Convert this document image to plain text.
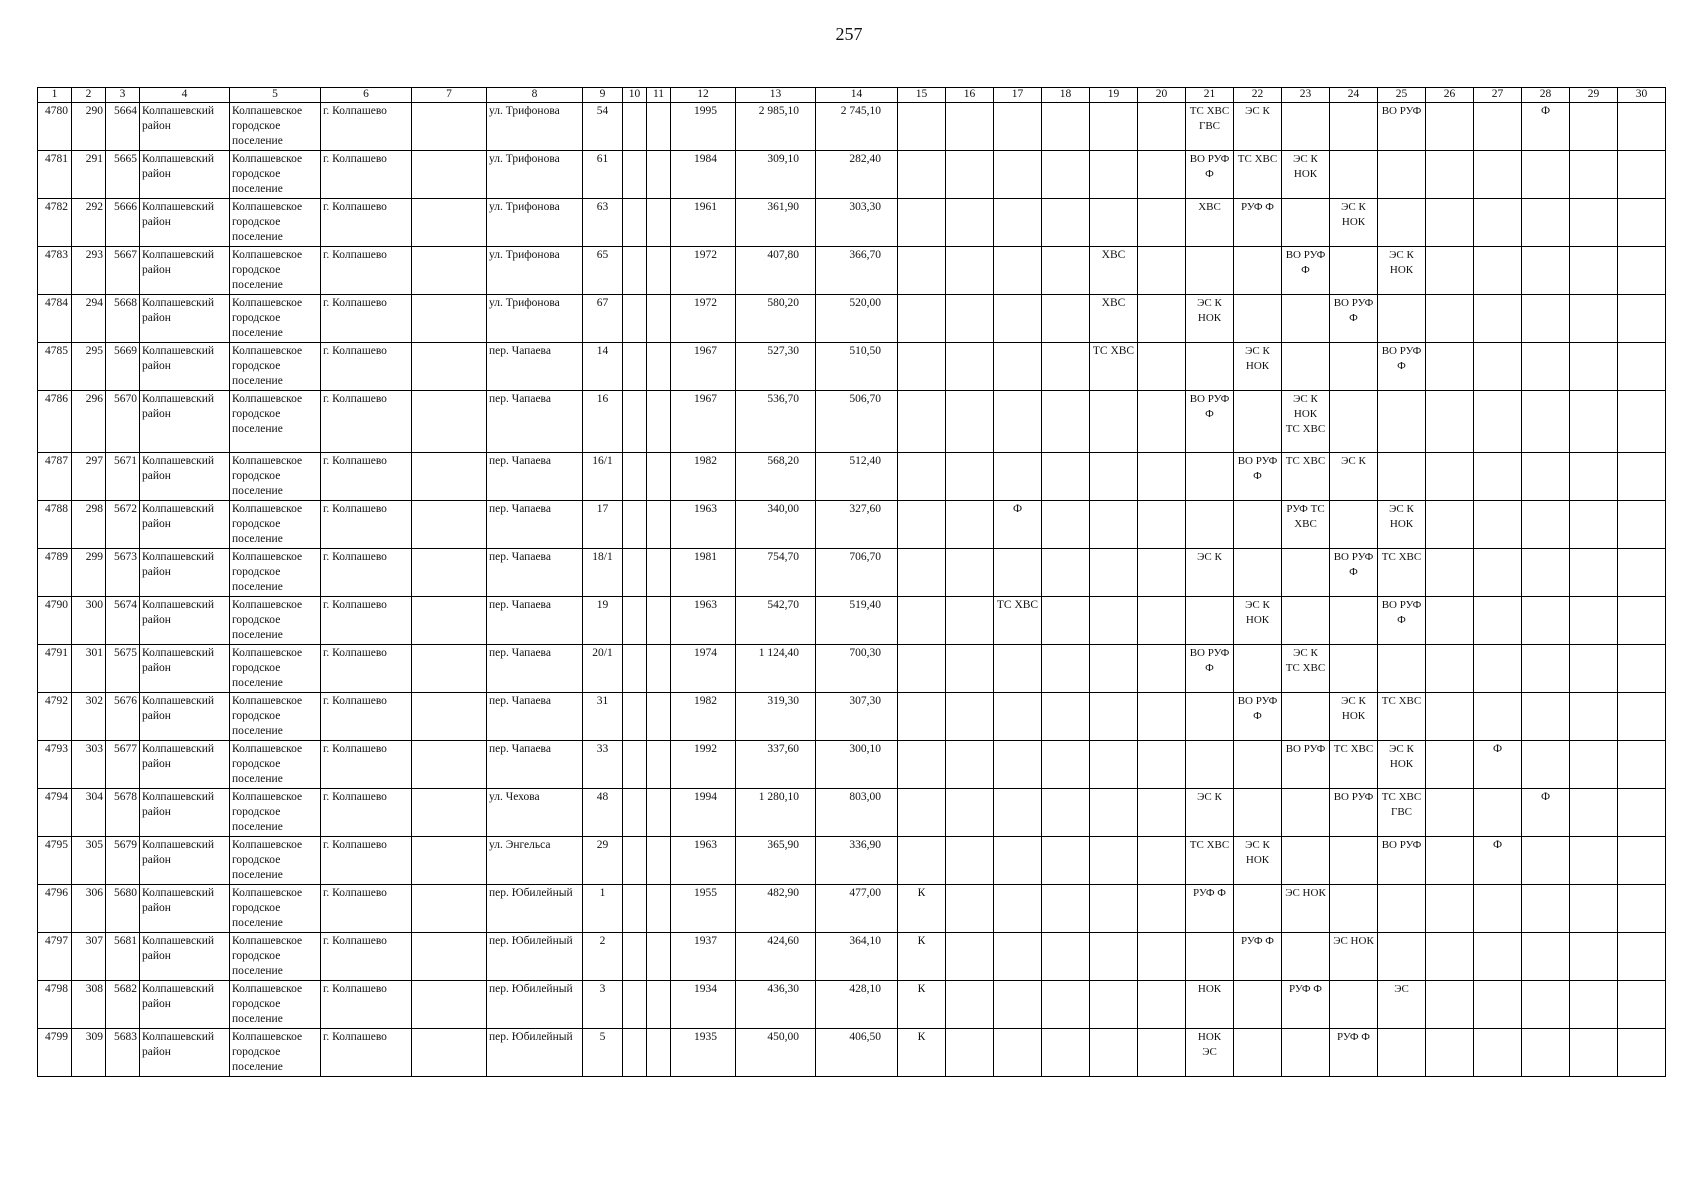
257
1	2	3	4	5	6	7	8	9	10	11	12	13	14	15	16	17	18	19	20	21	22	23	24	25	26	27	28	29	30
4780	290	5664	Колпашевский район	Колпашевское городское поселение	г. Колпашево		ул. Трифонова	54			1995	2 985,10	2 745,10							ТС ХВС
ГВС	ЭС К			ВО РУФ			Ф		

4781	291	5665	Колпашевский район	Колпашевское городское поселение	г. Колпашево		ул. Трифонова	61			1984	309,10	282,40							ВО РУФ
Ф	ТС ХВС	ЭС К
НОК							

4782	292	5666	Колпашевский район	Колпашевское городское поселение	г. Колпашево		ул. Трифонова	63			1961	361,90	303,30							ХВС	РУФ Ф		ЭС К
НОК						

4783	293	5667	Колпашевский район	Колпашевское городское поселение	г. Колпашево		ул. Трифонова	65			1972	407,80	366,70					ХВС				ВО РУФ
Ф		ЭС К
НОК					

4784	294	5668	Колпашевский район	Колпашевское городское поселение	г. Колпашево		ул. Трифонова	67			1972	580,20	520,00					ХВС		ЭС К
НОК			ВО РУФ
Ф						

4785	295	5669	Колпашевский район	Колпашевское городское поселение	г. Колпашево		пер. Чапаева	14			1967	527,30	510,50					ТС ХВС			ЭС К
НОК			ВО РУФ
Ф					

4786	296	5670	Колпашевский район	Колпашевское городское поселение	г. Колпашево		пер. Чапаева	16			1967	536,70	506,70							ВО РУФ
Ф		ЭС К
НОК
ТС ХВС							

4787	297	5671	Колпашевский район	Колпашевское городское поселение	г. Колпашево		пер. Чапаева	16/1			1982	568,20	512,40								ВО РУФ
Ф	ТС ХВС	ЭС К						

4788	298	5672	Колпашевский район	Колпашевское городское поселение	г. Колпашево		пер. Чапаева	17			1963	340,00	327,60			Ф						РУФ ТС
ХВС		ЭС К
НОК					

4789	299	5673	Колпашевский район	Колпашевское городское поселение	г. Колпашево		пер. Чапаева	18/1			1981	754,70	706,70							ЭС К			ВО РУФ
Ф	ТС ХВС					

4790	300	5674	Колпашевский район	Колпашевское городское поселение	г. Колпашево		пер. Чапаева	19			1963	542,70	519,40			ТС ХВС					ЭС К
НОК			ВО РУФ
Ф					

4791	301	5675	Колпашевский район	Колпашевское городское поселение	г. Колпашево		пер. Чапаева	20/1			1974	1 124,40	700,30							ВО РУФ
Ф		ЭС К
ТС ХВС							

4792	302	5676	Колпашевский район	Колпашевское городское поселение	г. Колпашево		пер. Чапаева	31			1982	319,30	307,30								ВО РУФ
Ф		ЭС К
НОК	ТС ХВС					

4793	303	5677	Колпашевский район	Колпашевское городское поселение	г. Колпашево		пер. Чапаева	33			1992	337,60	300,10									ВО РУФ	ТС ХВС	ЭС К
НОК		Ф			

4794	304	5678	Колпашевский район	Колпашевское городское поселение	г. Колпашево		ул. Чехова	48			1994	1 280,10	803,00							ЭС К			ВО РУФ	ТС ХВС
ГВС			Ф		

4795	305	5679	Колпашевский район	Колпашевское городское поселение	г. Колпашево		ул. Энгельса	29			1963	365,90	336,90							ТС ХВС	ЭС К
НОК			ВО РУФ		Ф			

4796	306	5680	Колпашевский район	Колпашевское городское поселение	г. Колпашево		пер. Юбилейный	1			1955	482,90	477,00	К						РУФ Ф		ЭС НОК							

4797	307	5681	Колпашевский район	Колпашевское городское поселение	г. Колпашево		пер. Юбилейный	2			1937	424,60	364,10	К							РУФ Ф		ЭС НОК						

4798	308	5682	Колпашевский район	Колпашевское городское поселение	г. Колпашево		пер. Юбилейный	3			1934	436,30	428,10	К						НОК		РУФ Ф		ЭС					

4799	309	5683	Колпашевский район	Колпашевское городское поселение	г. Колпашево		пер. Юбилейный	5			1935	450,00	406,50	К						НОК
ЭС			РУФ Ф						
